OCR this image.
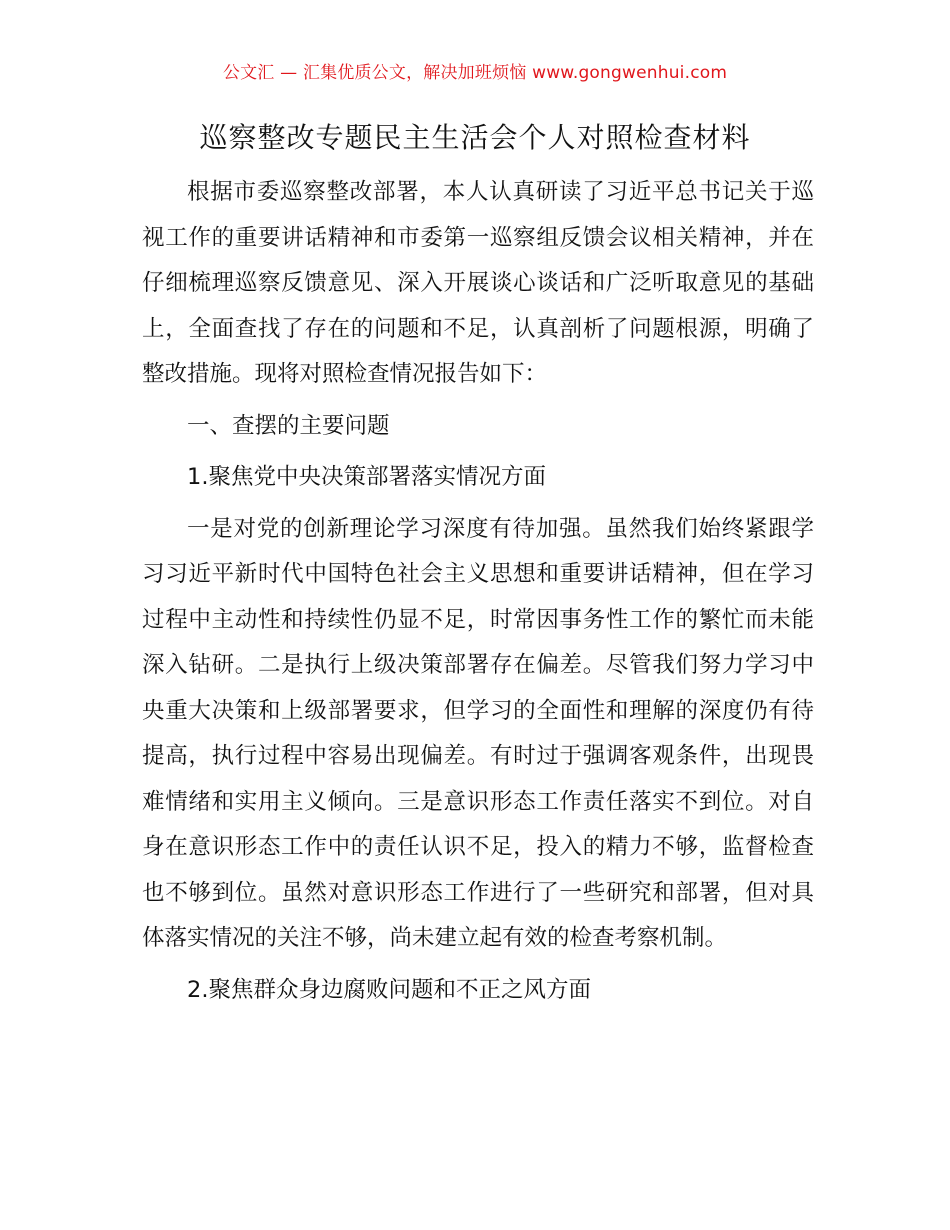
公文汇 — 汇集优质公文，解决加班烦恼 www.gongwenhui.com
巡察整改专题民主生活会个人对照检查材料

根据市委巡察整改部署，本人认真研读了习近平总书记关于巡视工作的重要讲话精神和市委第一巡察组反馈会议相关精神，并在仔细梳理巡察反馈意见、深入开展谈心谈话和广泛听取意见的基础上，全面查找了存在的问题和不足，认真剖析了问题根源，明确了整改措施。现将对照检查情况报告如下：

一、查摆的主要问题

1.聚焦党中央决策部署落实情况方面

一是对党的创新理论学习深度有待加强。虽然我们始终紧跟学习习近平新时代中国特色社会主义思想和重要讲话精神，但在学习过程中主动性和持续性仍显不足，时常因事务性工作的繁忙而未能深入钻研。二是执行上级决策部署存在偏差。尽管我们努力学习中央重大决策和上级部署要求，但学习的全面性和理解的深度仍有待提高，执行过程中容易出现偏差。有时过于强调客观条件，出现畏难情绪和实用主义倾向。三是意识形态工作责任落实不到位。对自身在意识形态工作中的责任认识不足，投入的精力不够，监督检查也不够到位。虽然对意识形态工作进行了一些研究和部署，但对具体落实情况的关注不够，尚未建立起有效的检查考察机制。

2.聚焦群众身边腐败问题和不正之风方面
